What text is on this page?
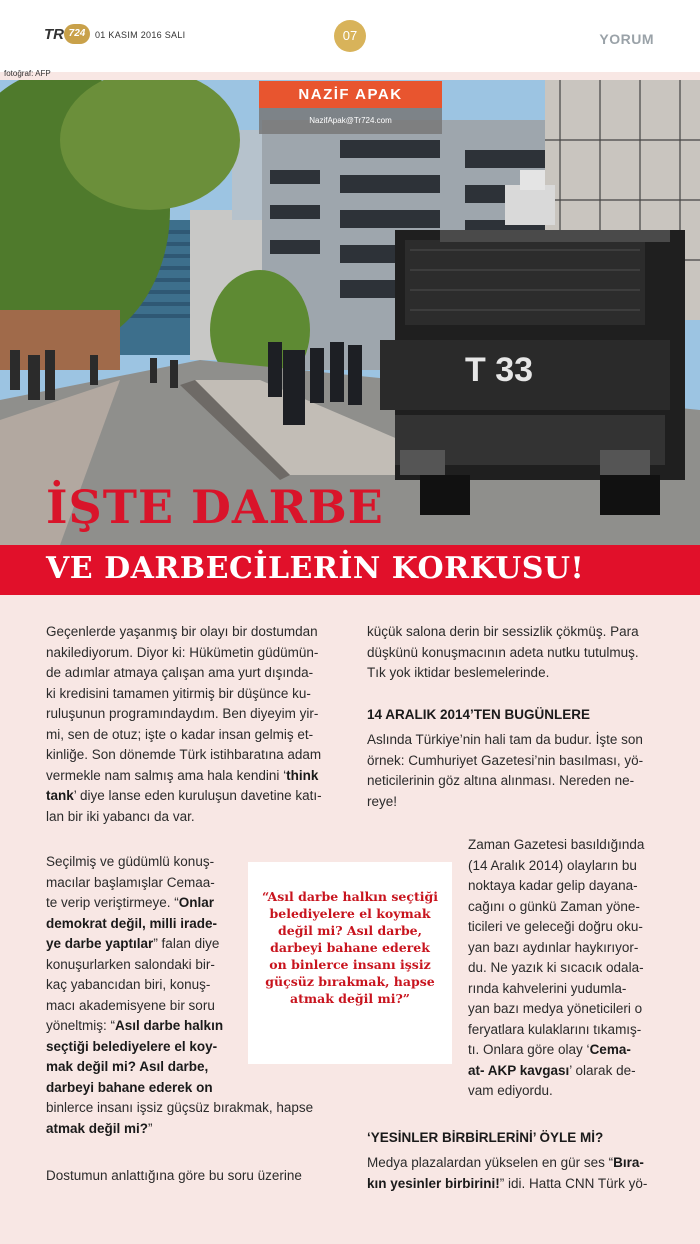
TR 724	01 KASIM 2016 SALI	07	YORUM
fotoğraf: AFP
T 33
NAZİF APAK
NazifApak@Tr724.com
İŞTE DARBE
VE DARBECİLERİN KORKUSU!

Geçenlerde yaşanmış bir olayı bir dostumdan

nakilediyorum. Diyor ki: Hükümetin güdümün-

de adımlar atmaya çalışan ama yurt dışında-

ki kredisini tamamen yitirmiş bir düşünce ku-

ruluşunun programındaydım. Ben diyeyim yir-

mi, sen de otuz; işte o kadar insan gelmiş et-

kinliğe. Son dönemde Türk istihbaratına adam

vermekle nam salmış ama hala kendini ‘think

tank’ diye lanse eden kuruluşun davetine katı-

lan bir iki yabancı da var.

Seçilmiş ve güdümlü konuş-

macılar başlamışlar Cemaa-

te verip veriştirmeye. “Onlar

demokrat değil, milli irade-

ye darbe yaptılar” falan diye

konuşurlarken salondaki bir-

kaç yabancıdan biri, konuş-

macı akademisyene bir soru

yöneltmiş: “Asıl darbe halkın

seçtiği belediyelere el koy-

mak değil mi? Asıl darbe,

darbeyi bahane ederek on

binlerce insanı işsiz güçsüz bırakmak, hapse

atmak değil mi?”

Dostumun anlattığına göre bu soru üzerine

“Asıl darbe halkın seçtiği belediyelere el koymak değil mi? Asıl darbe, darbeyi bahane ederek on binlerce insanı işsiz güçsüz bırakmak, hapse atmak değil mi?”

küçük salona derin bir sessizlik çökmüş. Para

düşkünü konuşmacının adeta nutku tutulmuş.

Tık yok iktidar beslemelerinde.

14 ARALIK 2014’TEN BUGÜNLERE

Aslında Türkiye’nin hali tam da budur. İşte son

örnek: Cumhuriyet Gazetesi’nin basılması, yö-

neticilerinin göz altına alınması. Nereden ne-

reye!

Zaman Gazetesi basıldığında

(14 Aralık 2014) olayların bu

noktaya kadar gelip dayana-

cağını o günkü Zaman yöne-

ticileri ve geleceği doğru oku-

yan bazı aydınlar haykırıyor-

du. Ne yazık ki sıcacık odala-

rında kahvelerini yudumla-

yan bazı medya yöneticileri o

feryatlara kulaklarını tıkamış-

tı. Onlara göre olay ‘Cema-

at- AKP kavgası’ olarak de-

vam ediyordu.

‘YESİNLER BİRBİRLERİNİ’ ÖYLE Mİ?

Medya plazalardan yükselen en gür ses “Bıra-

kın yesinler birbirini!” idi. Hatta CNN Türk yö-
